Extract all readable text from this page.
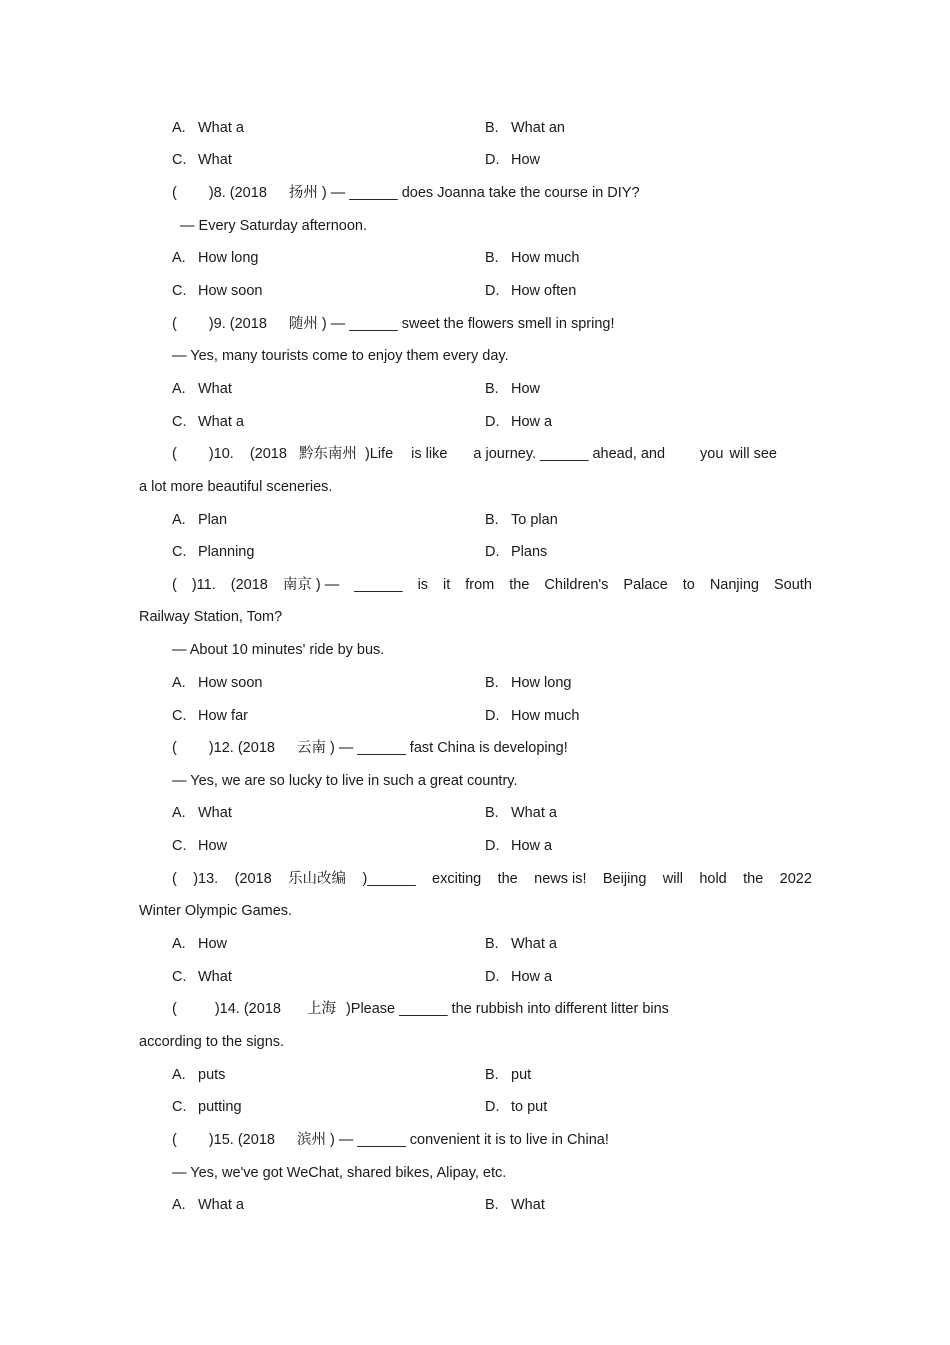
A. What a	B. What an
C. What	D. How
( )8. (2018 扬州 ) — ______ does Joanna take the course in DIY?
— Every Saturday afternoon.
A. How long	B. How much
C. How soon	D. How often
( )9. (2018 随州 ) — ______ sweet the flowers smell in spring!
— Yes, many tourists come to enjoy them every day.
A. What	B. How
C. What a	D. How a
( )10. (2018 黔东南州 )Life is like a journey. ______ ahead, and you will see
a lot more beautiful sceneries.
A. Plan	B. To plan
C. Planning	D. Plans
( )11. (2018 南京 ) — ______ is it from the Children's Palace to Nanjing South
Railway Station, Tom?
— About 10 minutes' ride by bus.
A. How soon	B. How long
C. How far	D. How much
( )12. (2018 云南 ) — ______ fast China is developing!
— Yes, we are so lucky to live in such a great country.
A. What	B. What a
C. How	D. How a
( )13. (2018 乐山改编 )______ exciting the news is! Beijing will hold the 2022
Winter Olympic Games.
A. How	B. What a
C. What	D. How a
(	)14. (2018 上海 )Please ______ the rubbish into different litter bins
according to the signs.
A. puts	B. put
C. putting	D. to put
( )15. (2018 滨州 ) — ______ convenient it is to live in China!
— Yes, we've got WeChat, shared bikes, Alipay, etc.
A. What a	B. What
